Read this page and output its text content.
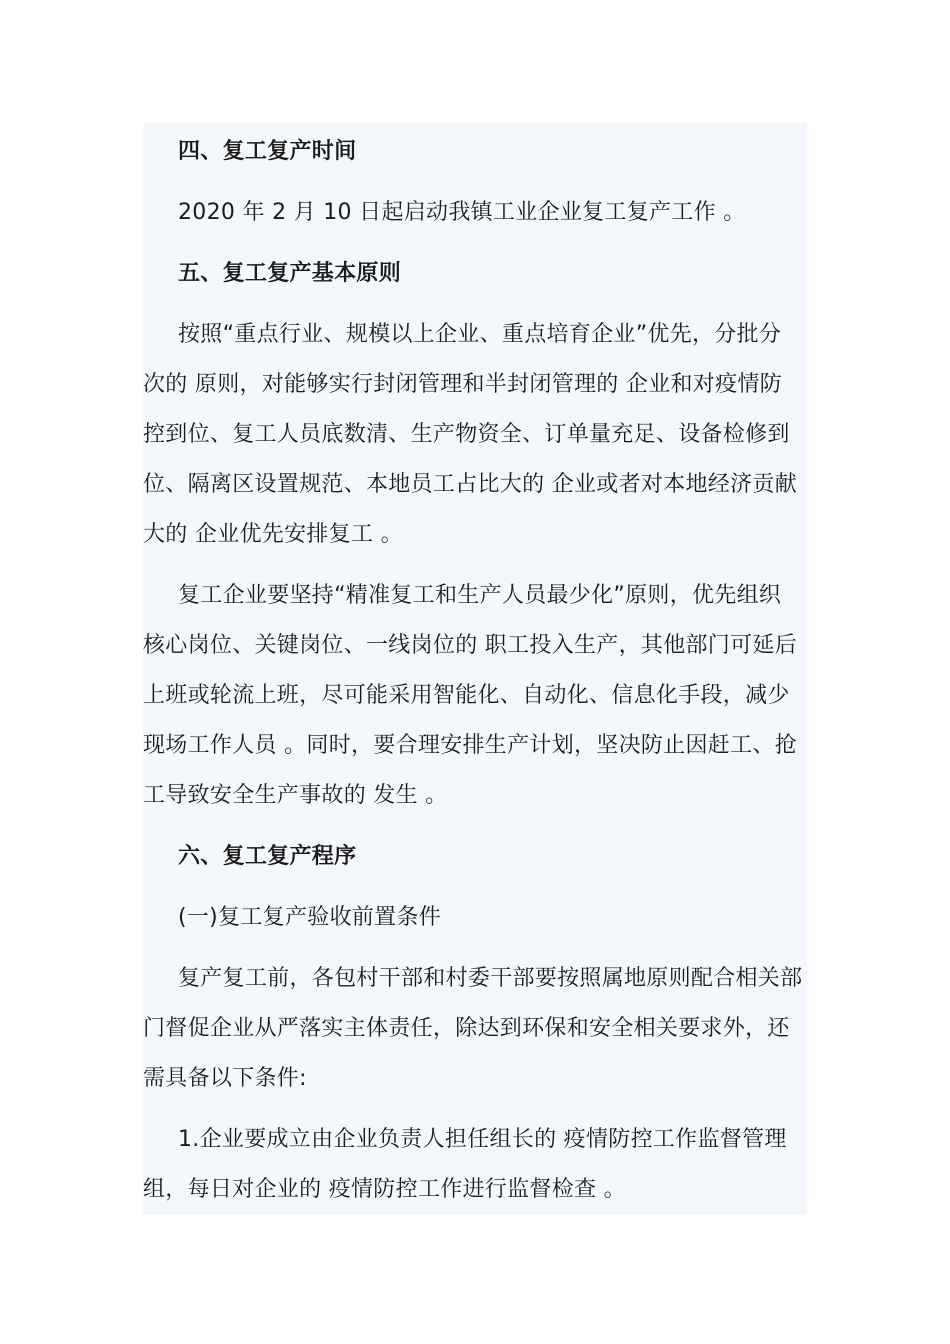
四、复工复产时间
2020 年 2 月 10 日起启动我镇工业企业复工复产工作 。
五、复工复产基本原则
按照“重点行业、规模以上企业、重点培育企业”优先，分批分
次的 原则，对能够实行封闭管理和半封闭管理的 企业和对疫情防
控到位、复工人员底数清、生产物资全、订单量充足、设备检修到
位、隔离区设置规范、本地员工占比大的 企业或者对本地经济贡献
大的 企业优先安排复工 。
复工企业要坚持“精准复工和生产人员最少化”原则，优先组织
核心岗位、关键岗位、一线岗位的 职工投入生产，其他部门可延后
上班或轮流上班，尽可能采用智能化、自动化、信息化手段，减少
现场工作人员 。同时，要合理安排生产计划，坚决防止因赶工、抢
工导致安全生产事故的 发生 。
六、复工复产程序
(一)复工复产验收前置条件
复产复工前，各包村干部和村委干部要按照属地原则配合相关部
门督促企业从严落实主体责任，除达到环保和安全相关要求外，还
需具备以下条件:
1.企业要成立由企业负责人担任组长的 疫情防控工作监督管理
组，每日对企业的 疫情防控工作进行监督检查 。
